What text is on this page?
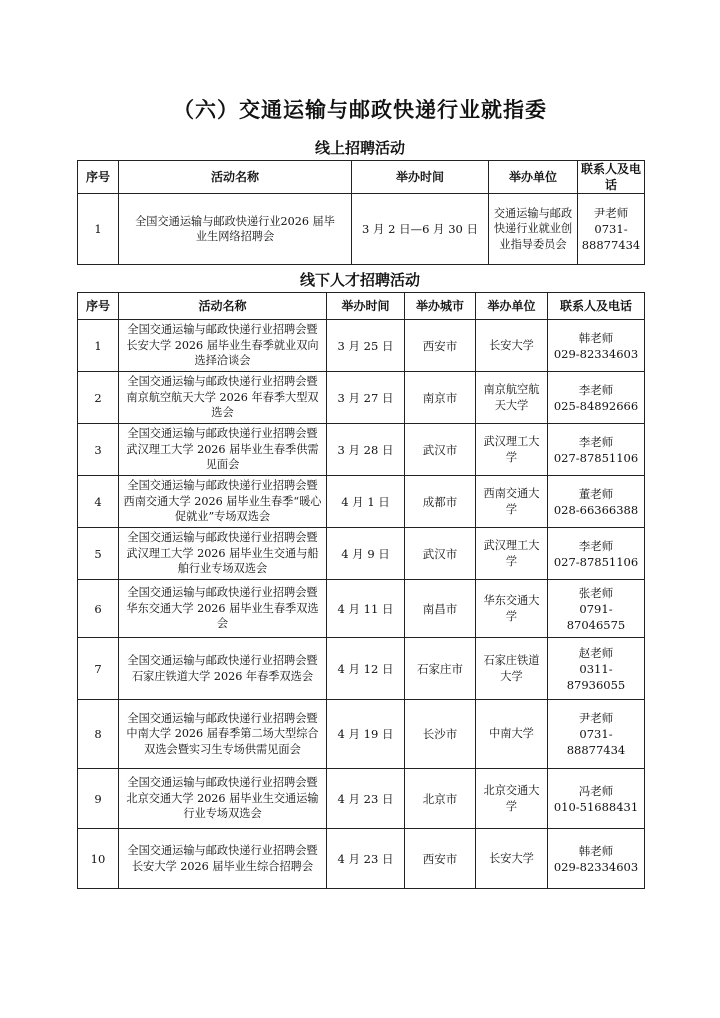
（六）交通运输与邮政快递行业就指委
线上招聘活动
序号	活动名称	举办时间	举办单位	联系人及电话
1	全国交通运输与邮政快递行业2026 届毕业生网络招聘会	3 月 2 日—6 月 30 日	交通运输与邮政快递行业就业创业指导委员会	尹老师
0731-88877434
线下人才招聘活动
序号	活动名称	举办时间	举办城市	举办单位	联系人及电话
1	全国交通运输与邮政快递行业招聘会暨长安大学 2026 届毕业生春季就业双向选择洽谈会	3 月 25 日	西安市	长安大学	韩老师
029-82334603

2	全国交通运输与邮政快递行业招聘会暨南京航空航天大学 2026 年春季大型双选会	3 月 27 日	南京市	南京航空航天大学	李老师
025-84892666

3	全国交通运输与邮政快递行业招聘会暨武汉理工大学 2026 届毕业生春季供需见面会	3 月 28 日	武汉市	武汉理工大学	李老师
027-87851106

4	全国交通运输与邮政快递行业招聘会暨西南交通大学 2026 届毕业生春季“暖心促就业”专场双选会	4 月 1 日	成都市	西南交通大学	董老师
028-66366388

5	全国交通运输与邮政快递行业招聘会暨武汉理工大学 2026 届毕业生交通与船舶行业专场双选会	4 月 9 日	武汉市	武汉理工大学	李老师
027-87851106

6	全国交通运输与邮政快递行业招聘会暨华东交通大学 2026 届毕业生春季双选会	4 月 11 日	南昌市	华东交通大学	张老师
0791-87046575

7	全国交通运输与邮政快递行业招聘会暨石家庄铁道大学 2026 年春季双选会	4 月 12 日	石家庄市	石家庄铁道大学	赵老师
0311-87936055

8	全国交通运输与邮政快递行业招聘会暨中南大学 2026 届春季第二场大型综合双选会暨实习生专场供需见面会	4 月 19 日	长沙市	中南大学	尹老师
0731-88877434

9	全国交通运输与邮政快递行业招聘会暨北京交通大学 2026 届毕业生交通运输行业专场双选会	4 月 23 日	北京市	北京交通大学	冯老师
010-51688431

10	全国交通运输与邮政快递行业招聘会暨长安大学 2026 届毕业生综合招聘会	4 月 23 日	西安市	长安大学	韩老师
029-82334603
